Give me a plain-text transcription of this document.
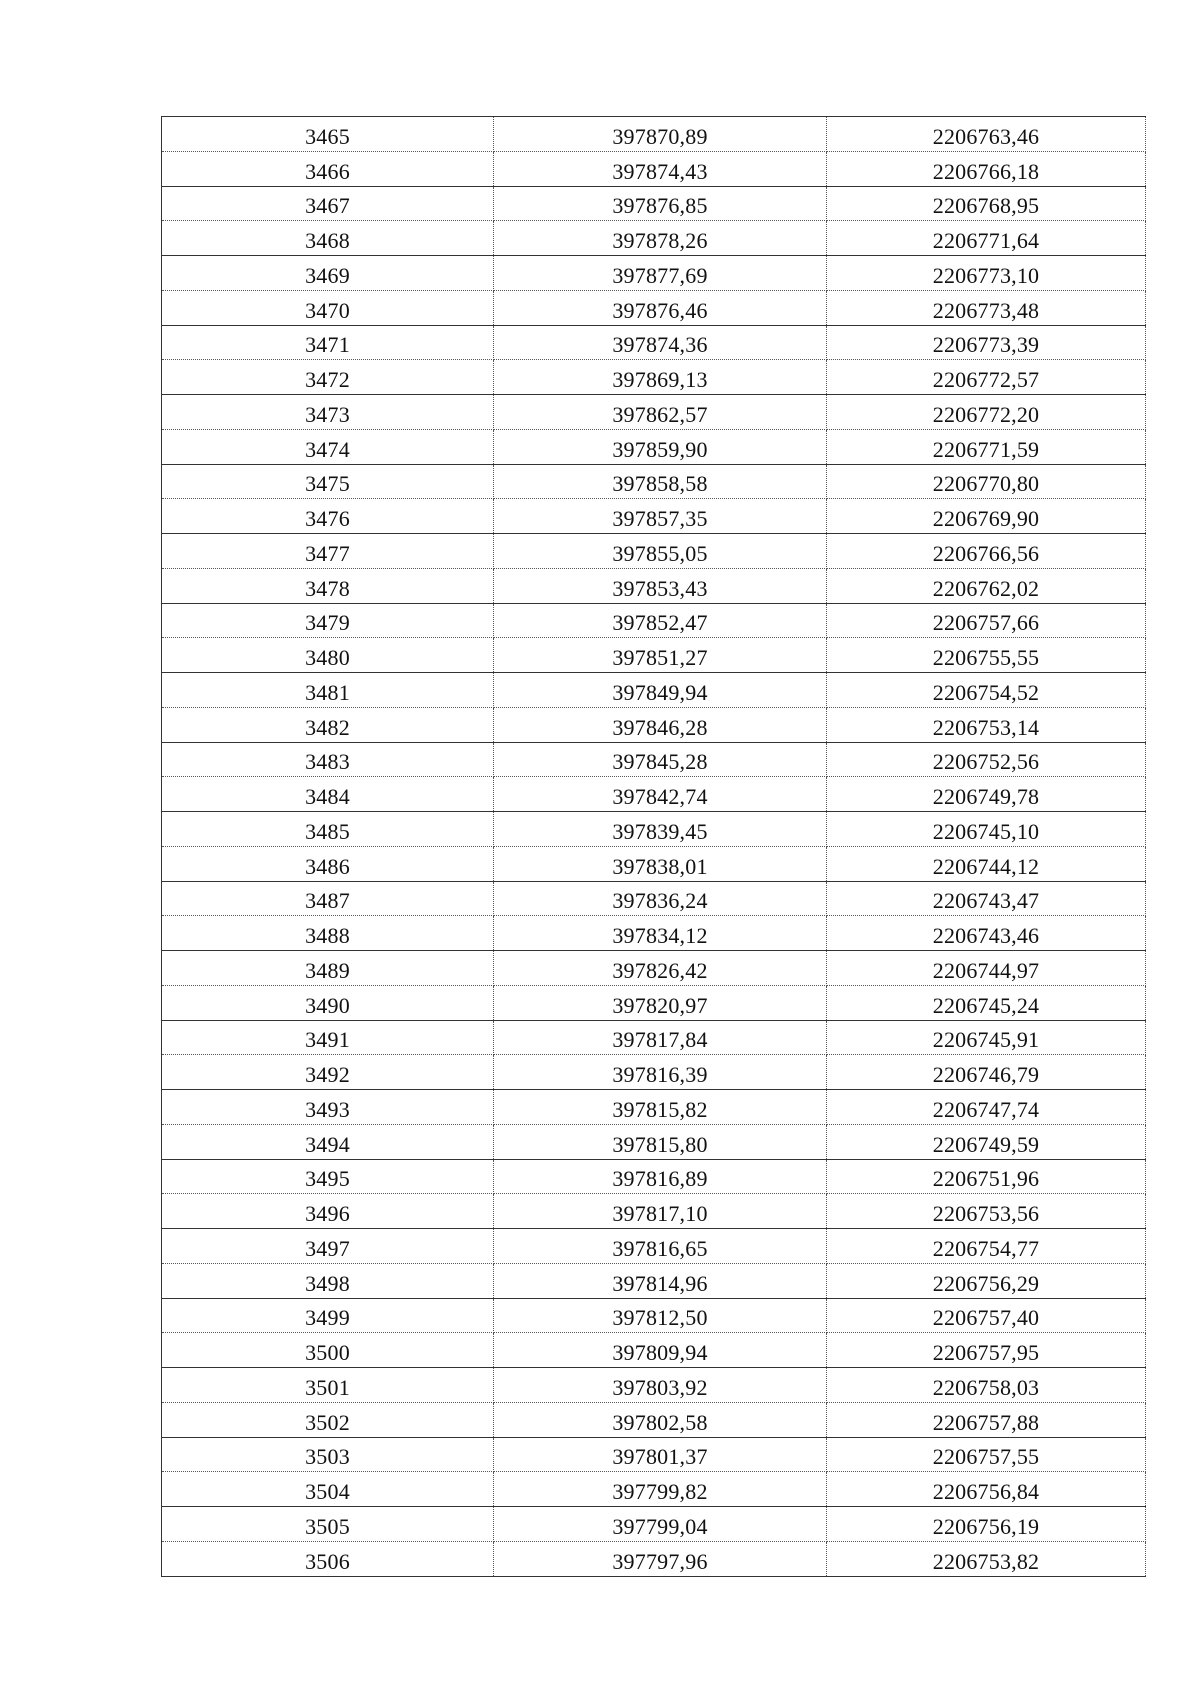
3465	397870,89	2206763,46
3466	397874,43	2206766,18
3467	397876,85	2206768,95
3468	397878,26	2206771,64
3469	397877,69	2206773,10
3470	397876,46	2206773,48
3471	397874,36	2206773,39
3472	397869,13	2206772,57
3473	397862,57	2206772,20
3474	397859,90	2206771,59
3475	397858,58	2206770,80
3476	397857,35	2206769,90
3477	397855,05	2206766,56
3478	397853,43	2206762,02
3479	397852,47	2206757,66
3480	397851,27	2206755,55
3481	397849,94	2206754,52
3482	397846,28	2206753,14
3483	397845,28	2206752,56
3484	397842,74	2206749,78
3485	397839,45	2206745,10
3486	397838,01	2206744,12
3487	397836,24	2206743,47
3488	397834,12	2206743,46
3489	397826,42	2206744,97
3490	397820,97	2206745,24
3491	397817,84	2206745,91
3492	397816,39	2206746,79
3493	397815,82	2206747,74
3494	397815,80	2206749,59
3495	397816,89	2206751,96
3496	397817,10	2206753,56
3497	397816,65	2206754,77
3498	397814,96	2206756,29
3499	397812,50	2206757,40
3500	397809,94	2206757,95
3501	397803,92	2206758,03
3502	397802,58	2206757,88
3503	397801,37	2206757,55
3504	397799,82	2206756,84
3505	397799,04	2206756,19
3506	397797,96	2206753,82
